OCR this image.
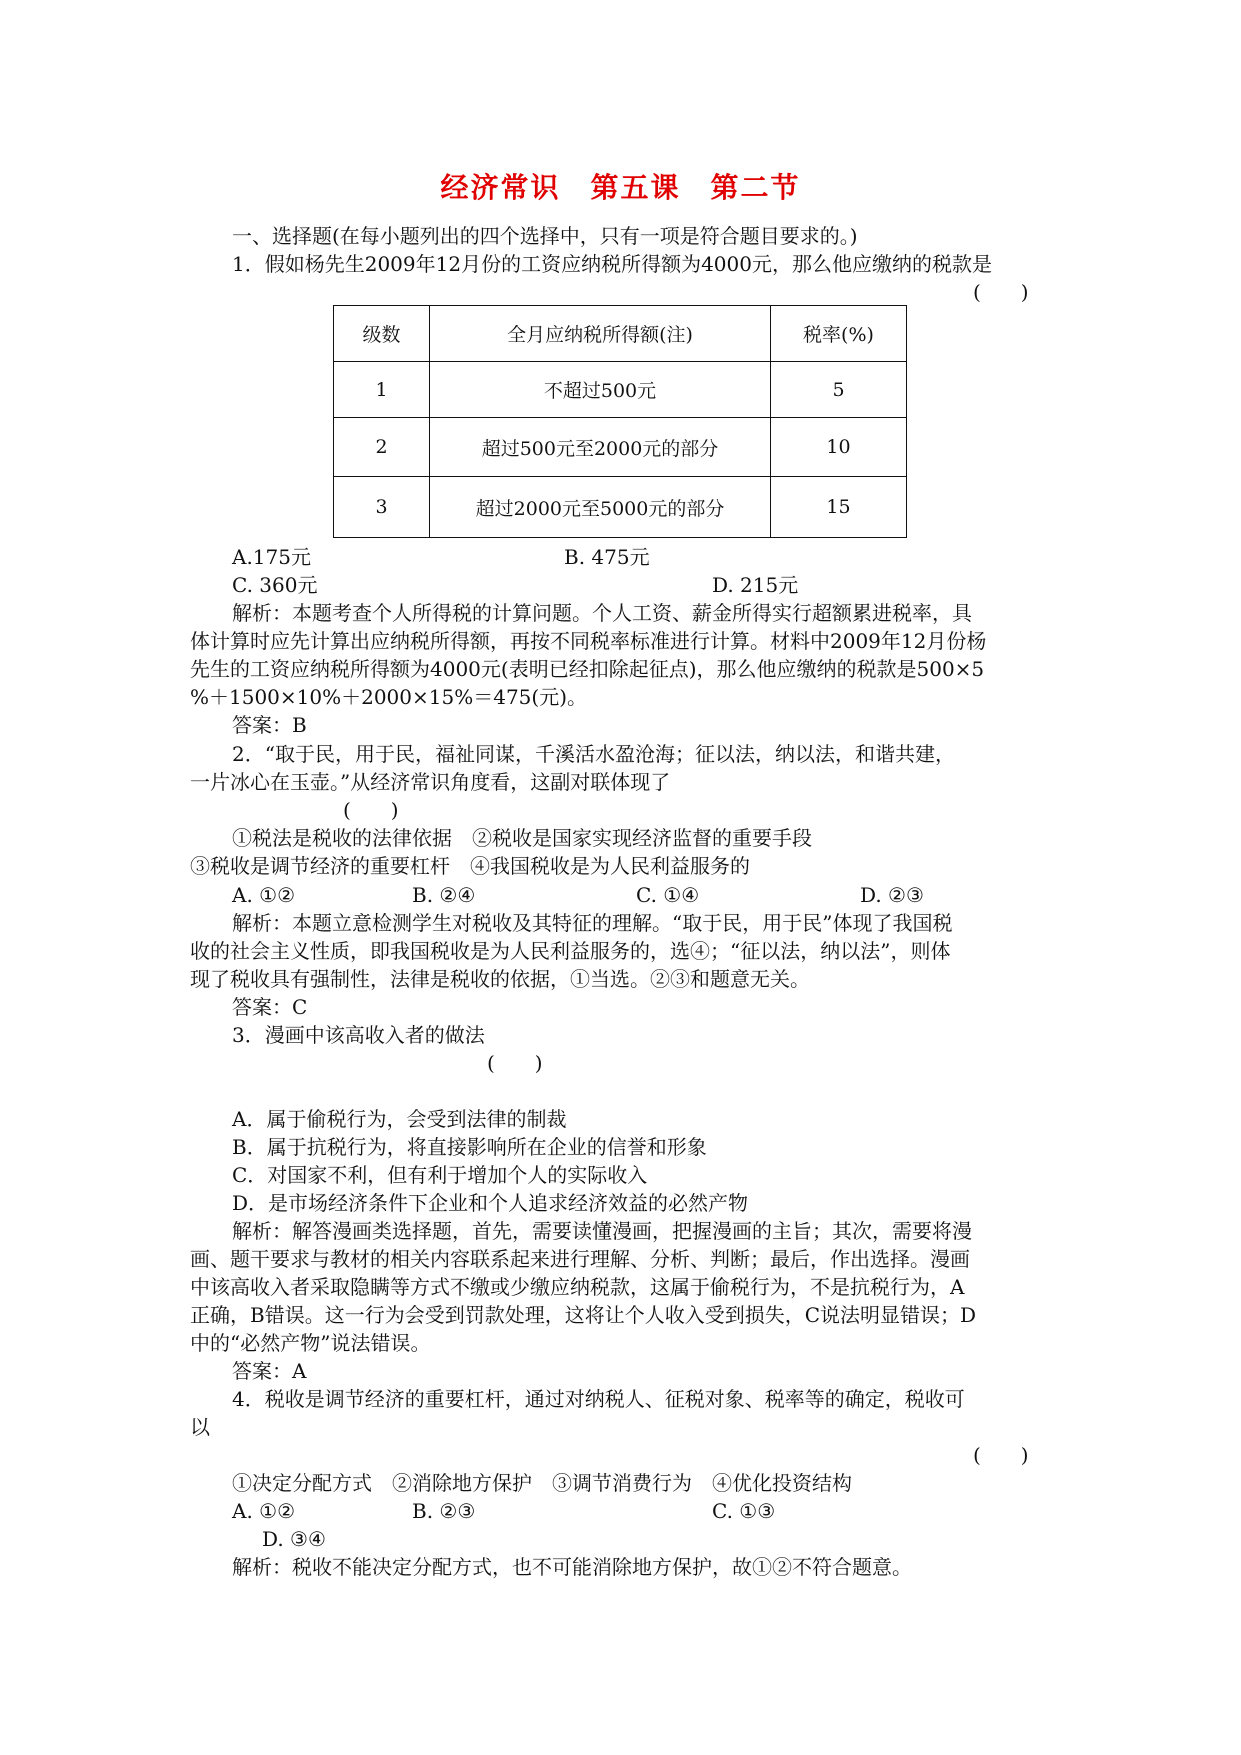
经济常识　第五课　第二节
一、选择题(在每小题列出的四个选择中，只有一项是符合题目要求的。)
1．假如杨先生2009年12月份的工资应纳税所得额为4000元，那么他应缴纳的税款是
(　　)
级数	全月应纳税所得额(注)	税率(%)
1	不超过500元	5
2	超过500元至2000元的部分	10
3	超过2000元至5000元的部分	15
A.175元	B. 475元
C. 360元	D. 215元
解析：本题考查个人所得税的计算问题。个人工资、薪金所得实行超额累进税率，具
体计算时应先计算出应纳税所得额，再按不同税率标准进行计算。材料中2009年12月份杨
先生的工资应纳税所得额为4000元(表明已经扣除起征点)，那么他应缴纳的税款是500×5
%＋1500×10%＋2000×15%＝475(元)。
答案：B
2．“取于民，用于民，福祉同谋，千溪活水盈沧海；征以法，纳以法，和谐共建，
一片冰心在玉壶。”从经济常识角度看，这副对联体现了
(　　)
①税法是税收的法律依据　②税收是国家实现经济监督的重要手段
③税收是调节经济的重要杠杆　④我国税收是为人民利益服务的
A. ①②	B. ②④	C. ①④	D. ②③
解析：本题立意检测学生对税收及其特征的理解。“取于民，用于民”体现了我国税
收的社会主义性质，即我国税收是为人民利益服务的，选④；“征以法，纳以法”，则体
现了税收具有强制性，法律是税收的依据，①当选。②③和题意无关。
答案：C
3．漫画中该高收入者的做法
(　　)
A．属于偷税行为，会受到法律的制裁
B．属于抗税行为，将直接影响所在企业的信誉和形象
C．对国家不利，但有利于增加个人的实际收入
D．是市场经济条件下企业和个人追求经济效益的必然产物
解析：解答漫画类选择题，首先，需要读懂漫画，把握漫画的主旨；其次，需要将漫
画、题干要求与教材的相关内容联系起来进行理解、分析、判断；最后，作出选择。漫画
中该高收入者采取隐瞒等方式不缴或少缴应纳税款，这属于偷税行为，不是抗税行为，A
正确，B错误。这一行为会受到罚款处理，这将让个人收入受到损失，C说法明显错误；D
中的“必然产物”说法错误。
答案：A
4．税收是调节经济的重要杠杆，通过对纳税人、征税对象、税率等的确定，税收可
以
(　　)
①决定分配方式　②消除地方保护　③调节消费行为　④优化投资结构
A. ①②	B. ②③	C. ①③
D. ③④
解析：税收不能决定分配方式，也不可能消除地方保护，故①②不符合题意。
